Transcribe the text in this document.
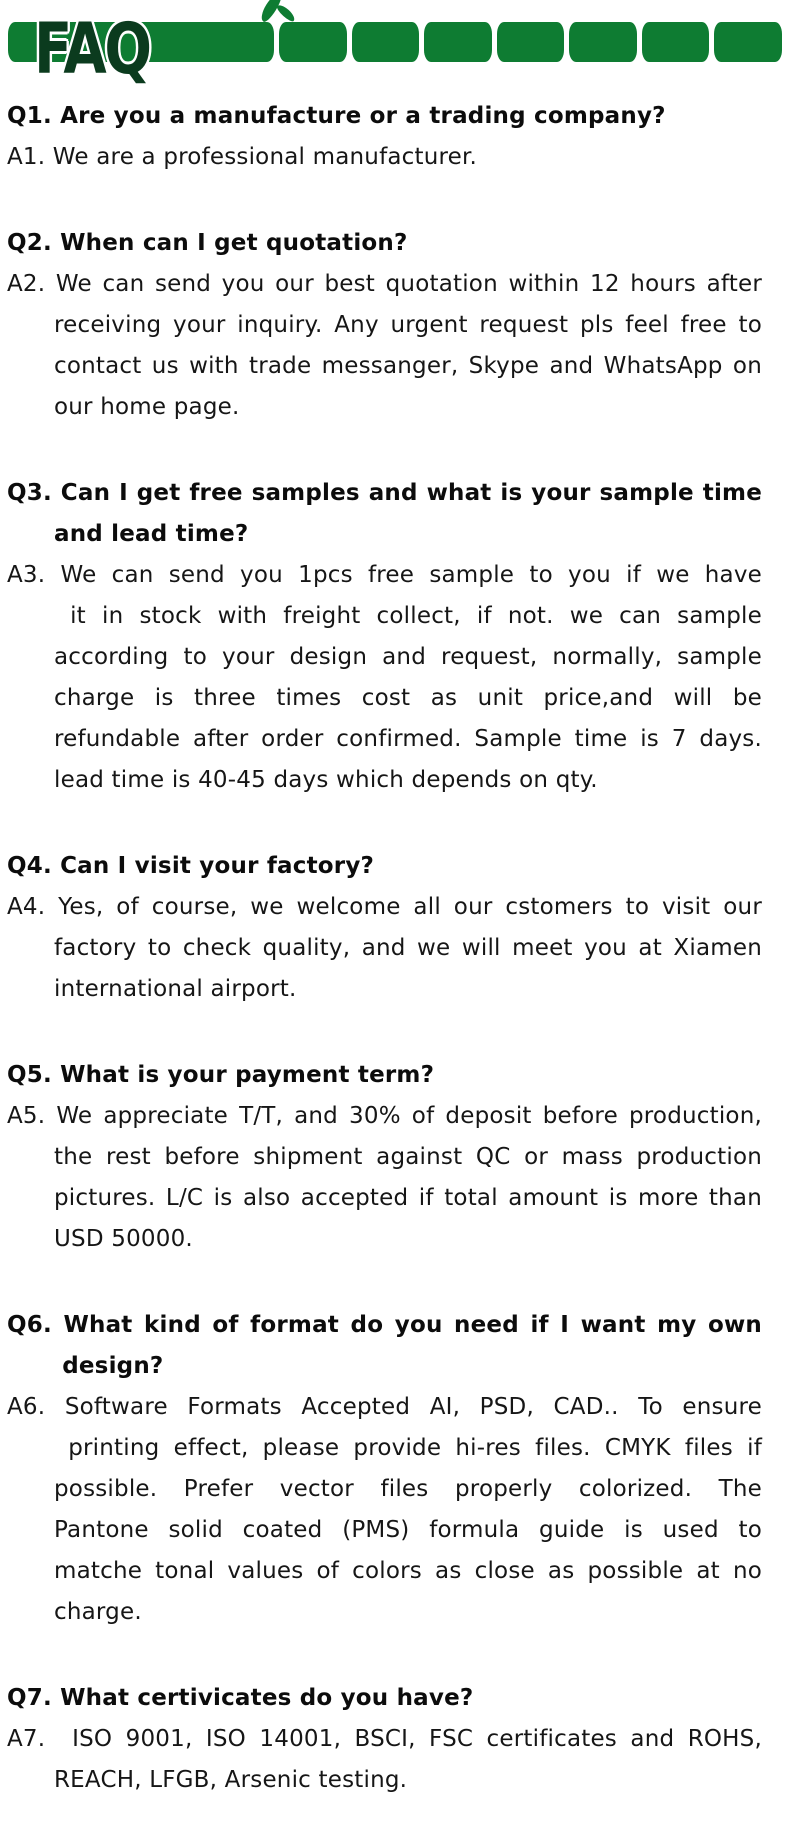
FAQ
Q1. Are you a manufacture or a trading company?

A1. We are a professional manufacturer.

Q2. When can I get quotation?

A2. We can send you our best quotation within 12 hours after
receiving your inquiry. Any urgent request pls feel free to
contact us with trade messanger, Skype and WhatsApp on
our home page.

Q3. Can I get free samples and what is your sample time
and lead time?

A3. We can send you 1pcs free sample to you if we have
it in stock with freight collect, if not. we can sample
according to your design and request, normally, sample
charge is three times cost as unit price,and will be
refundable after order confirmed. Sample time is 7 days.
lead time is 40-45 days which depends on qty.

Q4. Can I visit your factory?

A4. Yes, of course, we welcome all our cstomers to visit our
factory to check quality, and we will meet you at Xiamen
international airport.

Q5. What is your payment term?

A5. We appreciate T/T, and 30% of deposit before production,
the rest before shipment against QC or mass production
pictures. L/C is also accepted if total amount is more than
USD 50000.

Q6. What kind of format do you need if I want my own
design?

A6. Software Formats Accepted AI, PSD, CAD.. To ensure
printing effect, please provide hi-res files. CMYK files if
possible. Prefer vector files properly colorized. The
Pantone solid coated (PMS) formula guide is used to
matche tonal values of colors as close as possible at no
charge.

Q7. What certivicates do you have?

A7.  ISO 9001, ISO 14001, BSCI, FSC certificates and ROHS,
REACH, LFGB, Arsenic testing.
